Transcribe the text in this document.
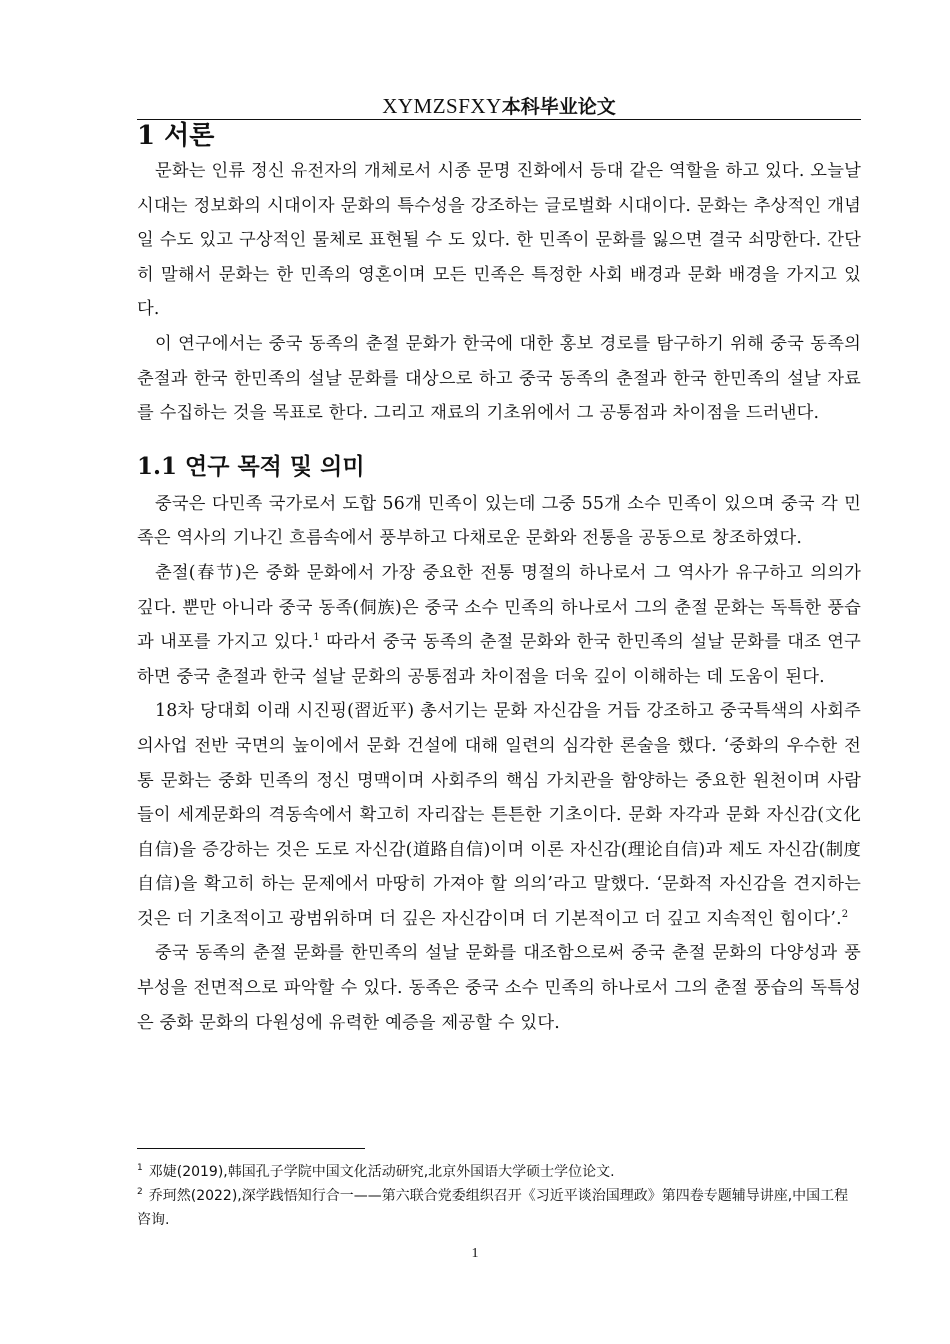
XYMZSFXY本科毕业论文
1 서론

문화는 인류 정신 유전자의 개체로서 시종 문명 진화에서 등대 같은 역할을 하고 있다. 오늘날 시대는 정보화의 시대이자 문화의 특수성을 강조하는 글로벌화 시대이다. 문화는 추상적인 개념일 수도 있고 구상적인 물체로 표현될 수 도 있다. 한 민족이 문화를 잃으면 결국 쇠망한다. 간단히 말해서 문화는 한 민족의 영혼이며 모든 민족은 특정한 사회 배경과 문화 배경을 가지고 있다.

이 연구에서는 중국 동족의 춘절 문화가 한국에 대한 홍보 경로를 탐구하기 위해 중국 동족의 춘절과 한국 한민족의 설날 문화를 대상으로 하고 중국 동족의 춘절과 한국 한민족의 설날 자료를 수집하는 것을 목표로 한다. 그리고 재료의 기초위에서 그 공통점과 차이점을 드러낸다.

1.1 연구 목적 및 의미

중국은 다민족 국가로서 도합 56개 민족이 있는데 그중 55개 소수 민족이 있으며 중국 각 민족은 역사의 기나긴 흐름속에서 풍부하고 다채로운 문화와 전통을 공동으로 창조하였다.

춘절(春节)은 중화 문화에서 가장 중요한 전통 명절의 하나로서 그 역사가 유구하고 의의가 깊다. 뿐만 아니라 중국 동족(侗族)은 중국 소수 민족의 하나로서 그의 춘절 문화는 독특한 풍습과 내포를 가지고 있다.$^1$ 따라서 중국 동족의 춘절 문화와 한국 한민족의 설날 문화를 대조 연구하면 중국 춘절과 한국 설날 문화의 공통점과 차이점을 더욱 깊이 이해하는 데 도움이 된다.

18차 당대회 이래 시진핑(習近平) 총서기는 문화 자신감을 거듭 강조하고 중국특색의 사회주의사업 전반 국면의 높이에서 문화 건설에 대해 일련의 심각한 론술을 했다. ‘중화의 우수한 전통 문화는 중화 민족의 정신 명맥이며 사회주의 핵심 가치관을 함양하는 중요한 원천이며 사람들이 세계문화의 격동속에서 확고히 자리잡는 튼튼한 기초이다. 문화 자각과 문화 자신감(文化自信)을 증강하는 것은 도로 자신감(道路自信)이며 이론 자신감(理论自信)과 제도 자신감(制度自信)을 확고히 하는 문제에서 마땅히 가져야 할 의의’라고 말했다. ‘문화적 자신감을 견지하는 것은 더 기초적이고 광범위하며 더 깊은 자신감이며 더 기본적이고 더 깊고 지속적인 힘이다’.$^2$

중국 동족의 춘절 문화를 한민족의 설날 문화를 대조함으로써 중국 춘절 문화의 다양성과 풍부성을 전면적으로 파악할 수 있다. 동족은 중국 소수 민족의 하나로서 그의 춘절 풍습의 독특성은 중화 문화의 다원성에 유력한 예증을 제공할 수 있다.

$^1$ 邓婕(2019),韩国孔子学院中国文化活动研究,北京外国语大学硕士学位论文.
$^2$ 乔珂然(2022),深学践悟知行合一——第六联合党委组织召开《习近平谈治国理政》第四卷专题辅导讲座,中国工程咨询.
1
